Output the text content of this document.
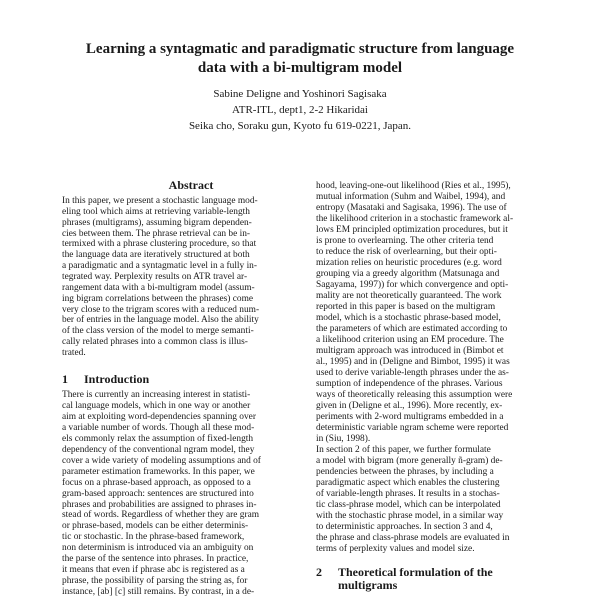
Learning a syntagmatic and paradigmatic structure from language
data with a bi-multigram model
Sabine Deligne and Yoshinori Sagisaka
ATR-ITL, dept1, 2-2 Hikaridai
Seika cho, Soraku gun, Kyoto fu 619-0221, Japan.
Abstract
In this paper, we present a stochastic language mod-
eling tool which aims at retrieving variable-length
phrases (multigrams), assuming bigram dependen-
cies between them. The phrase retrieval can be in-
termixed with a phrase clustering procedure, so that
the language data are iteratively structured at both
a paradigmatic and a syntagmatic level in a fully in-
tegrated way. Perplexity results on ATR travel ar-
rangement data with a bi-multigram model (assum-
ing bigram correlations between the phrases) come
very close to the trigram scores with a reduced num-
ber of entries in the language model. Also the ability
of the class version of the model to merge semanti-
cally related phrases into a common class is illus-
trated.
1 Introduction
There is currently an increasing interest in statisti-
cal language models, which in one way or another
aim at exploiting word-dependencies spanning over
a variable number of words. Though all these mod-
els commonly relax the assumption of fixed-length
dependency of the conventional ngram model, they
cover a wide variety of modeling assumptions and of
parameter estimation frameworks. In this paper, we
focus on a phrase-based approach, as opposed to a
gram-based approach: sentences are structured into
phrases and probabilities are assigned to phrases in-
stead of words. Regardless of whether they are gram
or phrase-based, models can be either determinis-
tic or stochastic. In the phrase-based framework,
non determinism is introduced via an ambiguity on
the parse of the sentence into phrases. In practice,
it means that even if phrase abc is registered as a
phrase, the possibility of parsing the string as, for
instance, [ab] [c] still remains. By contrast, in a de-
hood, leaving-one-out likelihood (Ries et al., 1995),
mutual information (Suhm and Waibel, 1994), and
entropy (Masataki and Sagisaka, 1996). The use of
the likelihood criterion in a stochastic framework al-
lows EM principled optimization procedures, but it
is prone to overlearning. The other criteria tend
to reduce the risk of overlearning, but their opti-
mization relies on heuristic procedures (e.g. word
grouping via a greedy algorithm (Matsunaga and
Sagayama, 1997)) for which convergence and opti-
mality are not theoretically guaranteed. The work
reported in this paper is based on the multigram
model, which is a stochastic phrase-based model,
the parameters of which are estimated according to
a likelihood criterion using an EM procedure. The
multigram approach was introduced in (Bimbot et
al., 1995) and in (Deligne and Bimbot, 1995) it was
used to derive variable-length phrases under the as-
sumption of independence of the phrases. Various
ways of theoretically releasing this assumption were
given in (Deligne et al., 1996). More recently, ex-
periments with 2-word multigrams embedded in a
deterministic variable ngram scheme were reported
in (Siu, 1998).
In section 2 of this paper, we further formulate
a model with bigram (more generally ñ-gram) de-
pendencies between the phrases, by including a
paradigmatic aspect which enables the clustering
of variable-length phrases. It results in a stochas-
tic class-phrase model, which can be interpolated
with the stochastic phrase model, in a similar way
to deterministic approaches. In section 3 and 4,
the phrase and class-phrase models are evaluated in
terms of perplexity values and model size.
2 Theoretical formulation of the
multigrams
